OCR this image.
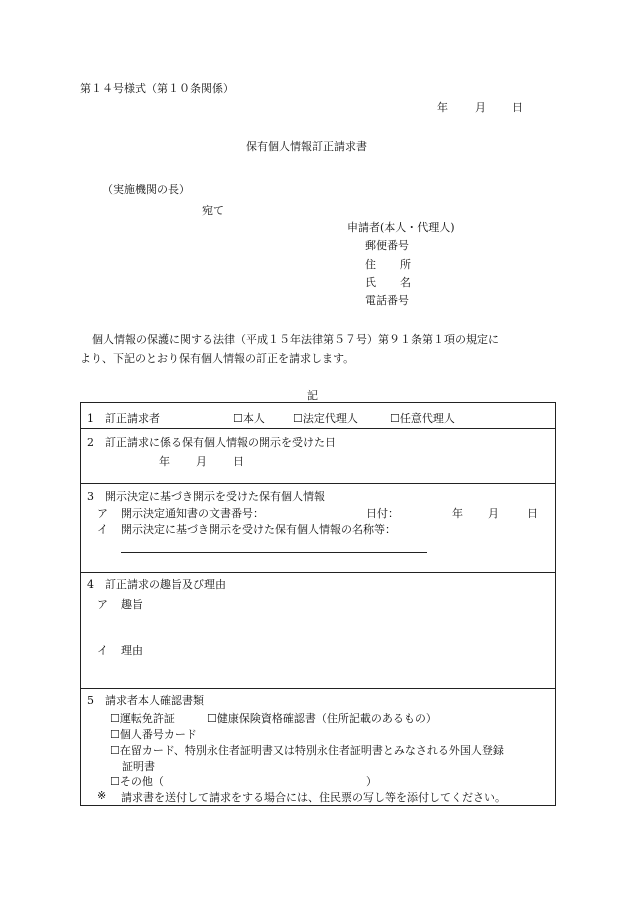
第１４号様式（第１０条関係）
年 月 日
保有個人情報訂正請求書
（実施機関の長）
宛て
申請者(本人・代理人)
郵便番号
住所
氏名
電話番号
個人情報の保護に関する法律（平成１５年法律第５７号）第９１条第１項の規定に
より、下記のとおり保有個人情報の訂正を請求します。
記
1　訂正請求者	☐本人	☐法定代理人	☐任意代理人
2　訂正請求に係る保有個人情報の開示を受けた日
年 月 日
3　開示決定に基づき開示を受けた保有個人情報
ア 開示決定通知書の文書番号：	日付：	年 月	日
イ 開示決定に基づき開示を受けた保有個人情報の名称等：
4　訂正請求の趣旨及び理由
ア 趣旨
イ 理由
5　請求者本人確認書類
☐運転免許証	☐健康保険資格確認書（住所記載のあるもの）
☐個人番号カード
☐在留カード、特別永住者証明書又は特別永住者証明書とみなされる外国人登録
証明書
☐その他（	）
※ 請求書を送付して請求をする場合には、住民票の写し等を添付してください。
